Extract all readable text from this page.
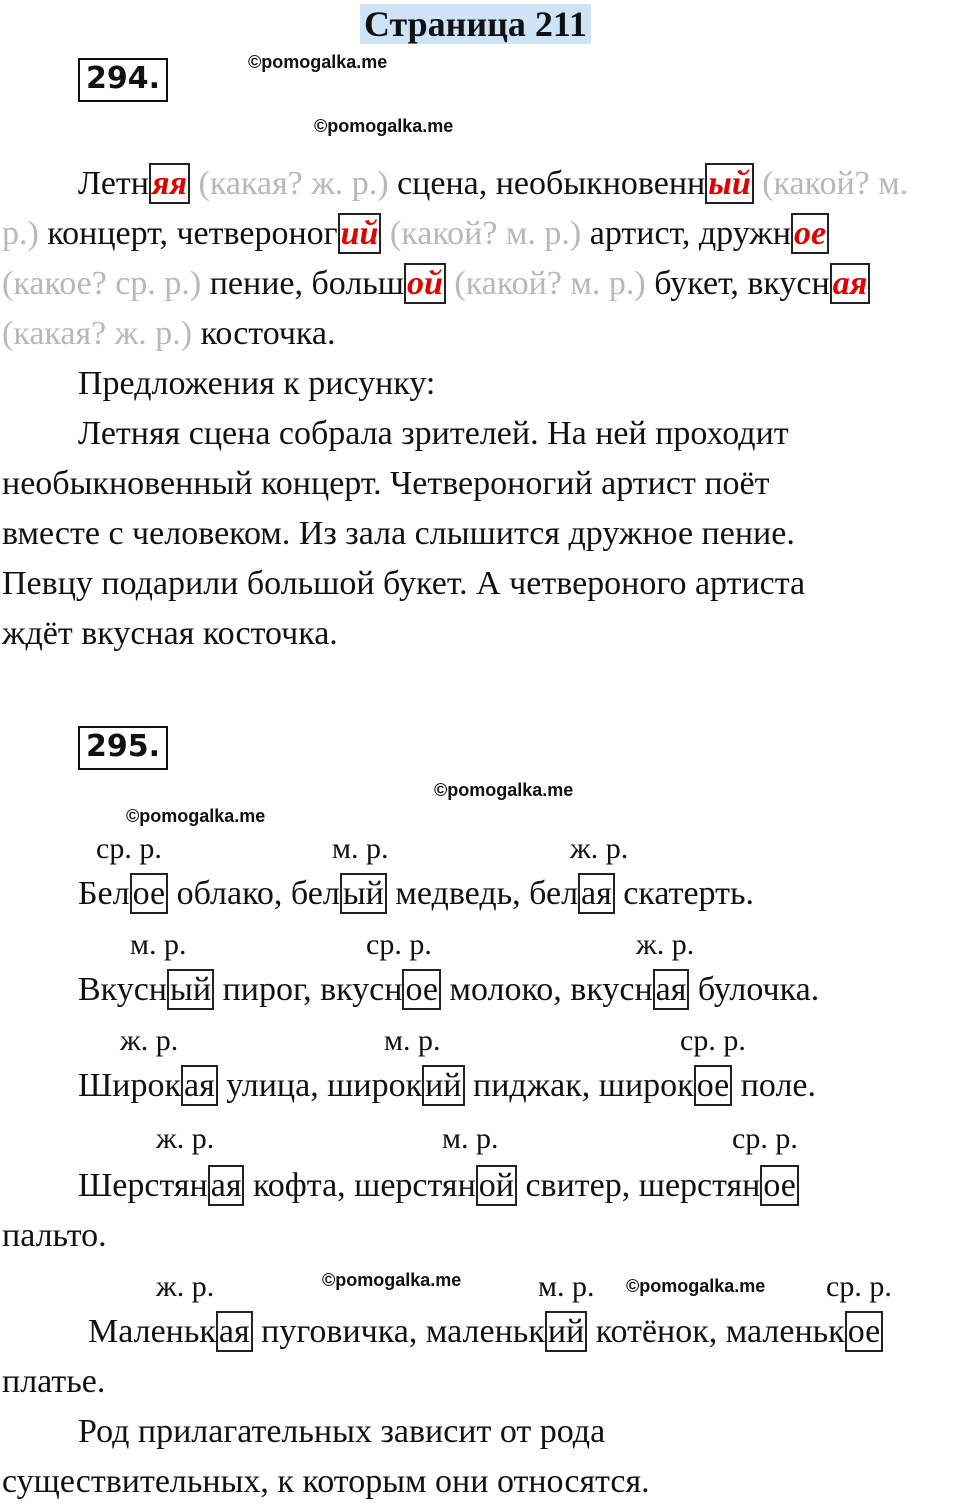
Страница 211
294.	©pomogalka.me
©pomogalka.me
Летняя (какая? ж. р.) сцена, необыкновенный (какой? м.
р.) концерт, четвероногий (какой? м. р.) артист, дружное
(какое? ср. р.) пение, большой (какой? м. р.) букет, вкусная
(какая? ж. р.) косточка.
Предложения к рисунку:
Летняя сцена собрала зрителей. На ней проходит
необыкновенный концерт. Четвероногий артист поёт
вместе с человеком. Из зала слышится дружное пение.
Певцу подарили большой букет. А четвероного артиста
ждёт вкусная косточка.
295.
©pomogalka.me
©pomogalka.me
ср. р.	м. р.	ж. р.
Белое облако, белый медведь, белая скатерть.
м. р.	ср. р.	ж. р.
Вкусный пирог, вкусное молоко, вкусная булочка.
ж. р.	м. р.	ср. р.
Широкая улица, широкий пиджак, широкое поле.
ж. р.	м. р.	ср. р.
Шерстяная кофта, шерстяной свитер, шерстяное
пальто.
ж. р.	©pomogalka.me	м. р. ©pomogalka.me ср. р.
Маленькая пуговичка, маленький котёнок, маленькое
платье.
Род прилагательных зависит от рода
существительных, к которым они относятся.
